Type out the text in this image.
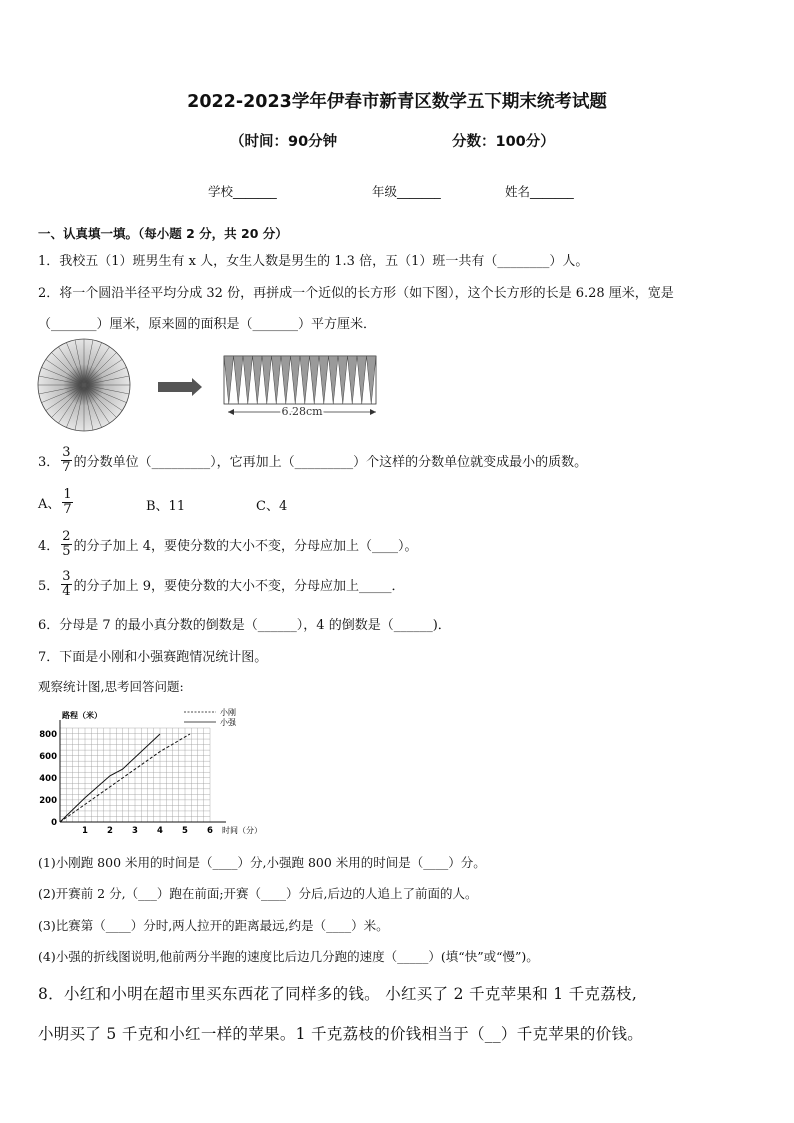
2022-2023学年伊春市新青区数学五下期末统考试题
（时间：90分钟	分数：100分）
学校_______	年级_______	姓名_______
一、认真填一填。（每小题 2 分，共 20 分）
1．我校五（1）班男生有 x 人，女生人数是男生的 1.3 倍，五（1）班一共有（________）人。
2．将一个圆沿半径平均分成 32 份，再拼成一个近似的长方形（如下图），这个长方形的长是 6.28 厘米，宽是
（_______）厘米，原来圆的面积是（_______）平方厘米．
6.28cm
3． $\frac{3}{7}$ 的分数单位（_________），它再加上（_________）个这样的分数单位就变成最小的质数。
A、 $\frac{1}{7}$	B、11	C、4
4． $\frac{2}{5}$ 的分子加上 4，要使分数的大小不变，分母应加上（____）。
5． $\frac{3}{4}$ 的分子加上 9，要使分数的大小不变，分母应加上_____．
6．分母是 7 的最小真分数的倒数是（______），4 的倒数是（______)．
7．下面是小刚和小强赛跑情况统计图。
观察统计图,思考回答问题:
1 2 3 4 5 6
0
200
400
600
800
路程（米）
时间（分）
小刚
小强
(1)小刚跑 800 米用的时间是（____）分,小强跑 800 米用的时间是（____）分。
(2)开赛前 2 分,（___）跑在前面;开赛（____）分后,后边的人追上了前面的人。
(3)比赛第（____）分时,两人拉开的距离最远,约是（____）米。
(4)小强的折线图说明,他前两分半跑的速度比后边几分跑的速度（_____）(填“快”或“慢”)。
8．小红和小明在超市里买东西花了同样多的钱。 小红买了 2 千克苹果和 1 千克荔枝,
小明买了 5 千克和小红一样的苹果。1 千克荔枝的价钱相当于（__）千克苹果的价钱。
